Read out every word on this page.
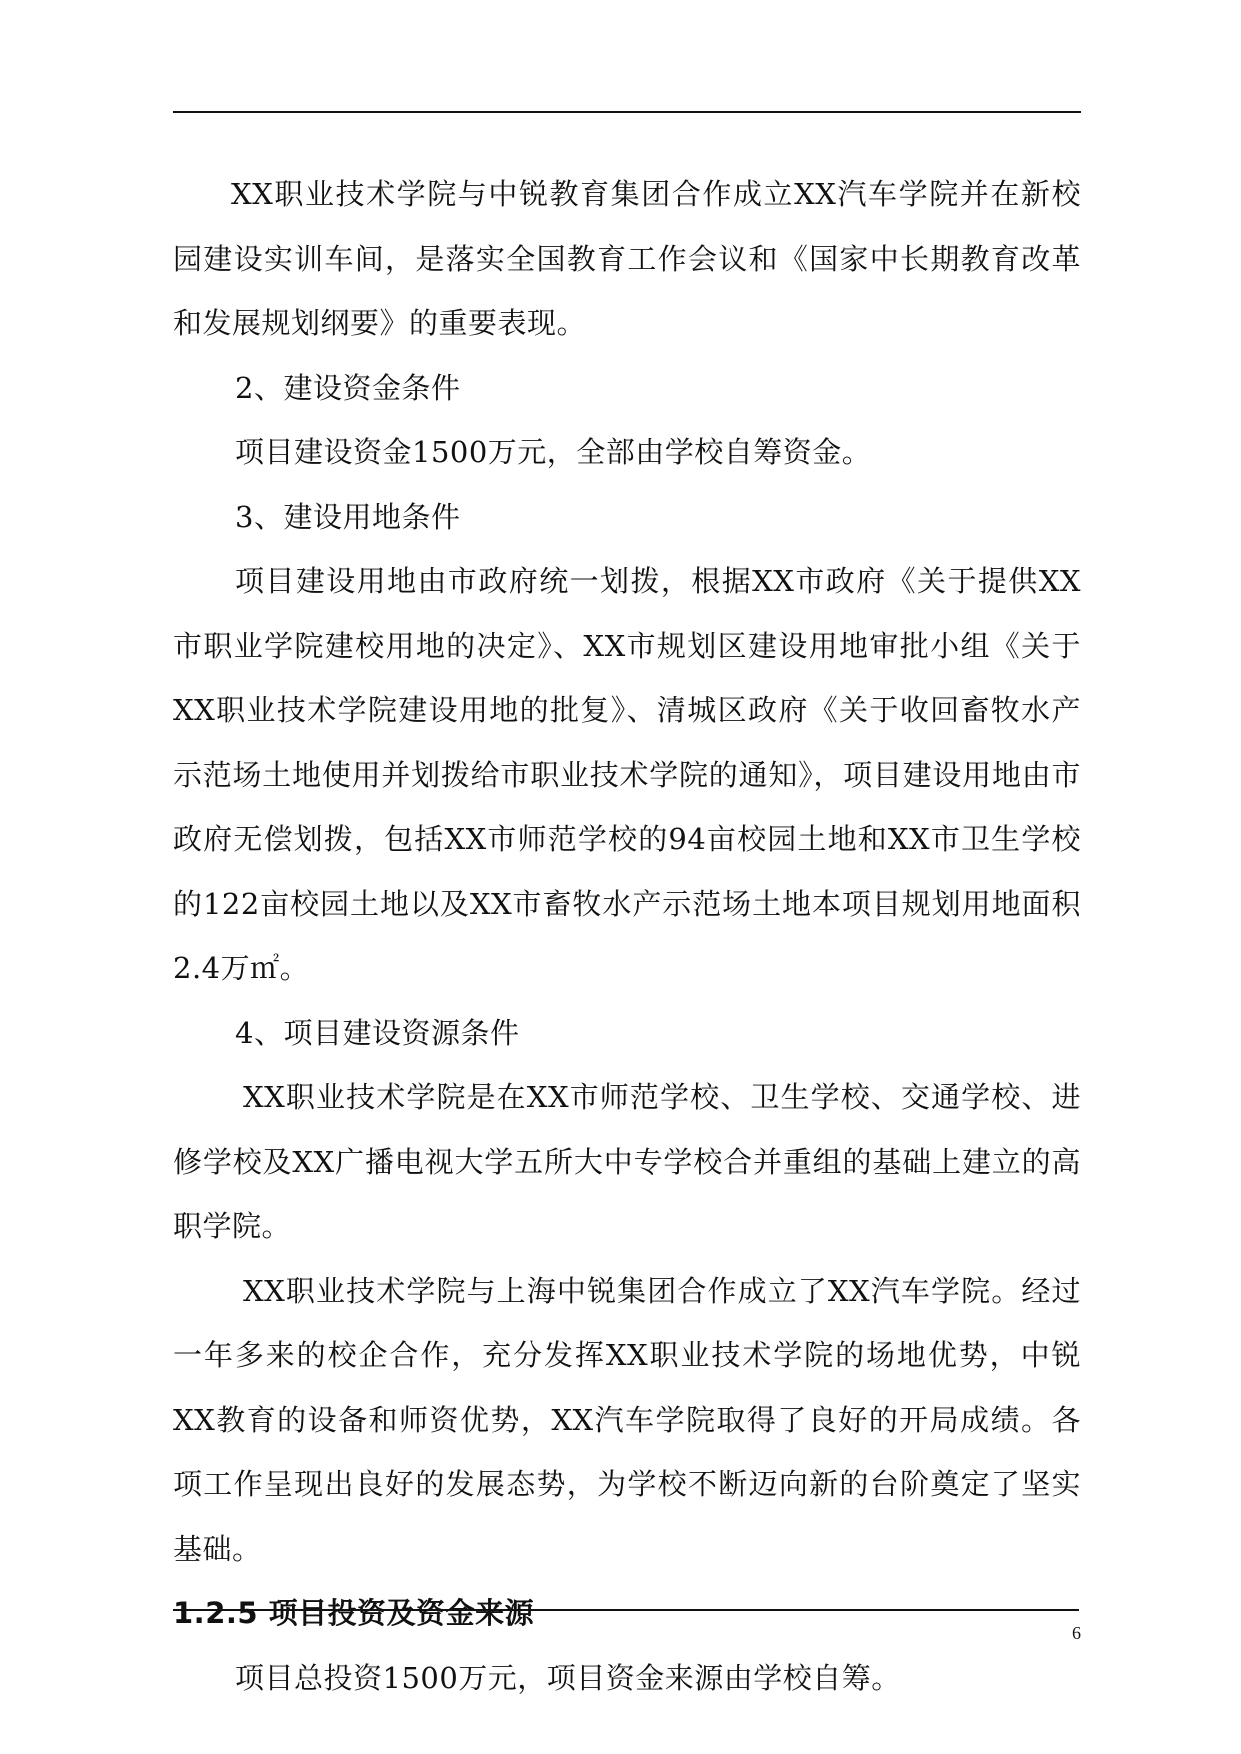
XX职业技术学院与中锐教育集团合作成立XX汽车学院并在新校园建设实训车间，是落实全国教育工作会议和《国家中长期教育改革和发展规划纲要》的重要表现。

2、建设资金条件

项目建设资金1500万元，全部由学校自筹资金。

3、建设用地条件

项目建设用地由市政府统一划拨，根据XX市政府《关于提供XX市职业学院建校用地的决定》、XX市规划区建设用地审批小组《关于XX职业技术学院建设用地的批复》、清城区政府《关于收回畜牧水产示范场土地使用并划拨给市职业技术学院的通知》，项目建设用地由市政府无偿划拨，包括XX市师范学校的94亩校园土地和XX市卫生学校的122亩校园土地以及XX市畜牧水产示范场土地本项目规划用地面积2.4万㎡。

4、项目建设资源条件

XX职业技术学院是在XX市师范学校、卫生学校、交通学校、进修学校及XX广播电视大学五所大中专学校合并重组的基础上建立的高职学院。

XX职业技术学院与上海中锐集团合作成立了XX汽车学院。经过一年多来的校企合作，充分发挥XX职业技术学院的场地优势，中锐XX教育的设备和师资优势，XX汽车学院取得了良好的开局成绩。各项工作呈现出良好的发展态势，为学校不断迈向新的台阶奠定了坚实基础。

1.2.5 项目投资及资金来源

项目总投资1500万元，项目资金来源由学校自筹。

6
